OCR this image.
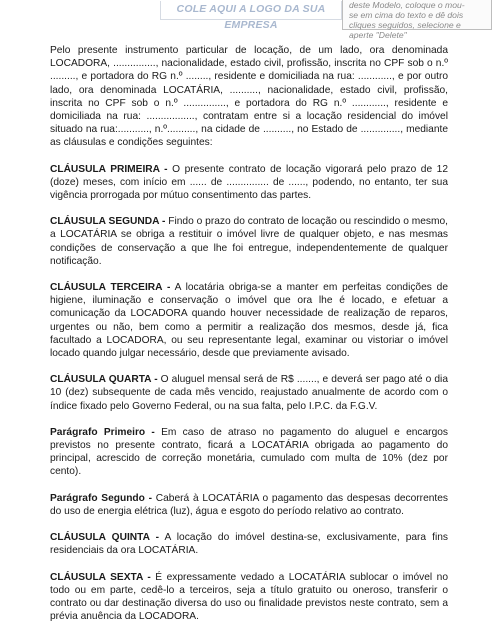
COLE AQUI A LOGO DA SUA EMPRESA
deste Modelo, coloque o mou-
se em cima do texto e dê dois
cliques seguidos, selecione e
aperte "Delete"

Pelo presente instrumento particular de locação, de um lado, ora denominada LOCADORA, ..............., nacionalidade, estado civil, profissão, inscrita no CPF sob o n.º ........., e portadora do RG n.º ........, residente e domiciliada na rua: ............, e por outro lado, ora denominada LOCATÁRIA, .........., nacionalidade, estado civil, profissão, inscrita no CPF sob o n.º ..............., e portadora do RG n.º ............, residente e domiciliada na rua: ................., contratam entre si a locação residencial do imóvel situado na rua:..........., n.º.........., na cidade de .........., no Estado de .............., mediante as cláusulas e condições seguintes:

CLÁUSULA PRIMEIRA - O presente contrato de locação vigorará pelo prazo de 12 (doze) meses, com início em ...... de ............... de ......, podendo, no entanto, ter sua vigência prorrogada por mútuo consentimento das partes.

CLÁUSULA SEGUNDA - Findo o prazo do contrato de locação ou rescindido o mesmo, a LOCATÁRIA se obriga a restituir o imóvel livre de qualquer objeto, e nas mesmas condições de conservação a que lhe foi entregue, independentemente de qualquer notificação.

CLÁUSULA TERCEIRA - A locatária obriga-se a manter em perfeitas condições de higiene, iluminação e conservação o imóvel que ora lhe é locado, e efetuar a comunicação da LOCADORA quando houver necessidade de realização de reparos, urgentes ou não, bem como a permitir a realização dos mesmos, desde já, fica facultado a LOCADORA, ou seu representante legal, examinar ou vistoriar o imóvel locado quando julgar necessário, desde que previamente avisado.

CLÁUSULA QUARTA - O aluguel mensal será de R$ ......., e deverá ser pago até o dia 10 (dez) subsequente de cada mês vencido, reajustado anualmente de acordo com o índice fixado pelo Governo Federal, ou na sua falta, pelo I.P.C. da F.G.V.

Parágrafo Primeiro - Em caso de atraso no pagamento do aluguel e encargos previstos no presente contrato, ficará a LOCATÁRIA obrigada ao pagamento do principal, acrescido de correção monetária, cumulado com multa de 10% (dez por cento).

Parágrafo Segundo - Caberá à LOCATÁRIA o pagamento das despesas decorrentes do uso de energia elétrica (luz), água e esgoto do período relativo ao contrato.

CLÁUSULA QUINTA - A locação do imóvel destina-se, exclusivamente, para fins residenciais da ora LOCATÁRIA.

CLÁUSULA SEXTA - É expressamente vedado a LOCATÁRIA sublocar o imóvel no todo ou em parte, cedê-lo a terceiros, seja a título gratuito ou oneroso, transferir o contrato ou dar destinação diversa do uso ou finalidade previstos neste contrato, sem a prévia anuência da LOCADORA.
